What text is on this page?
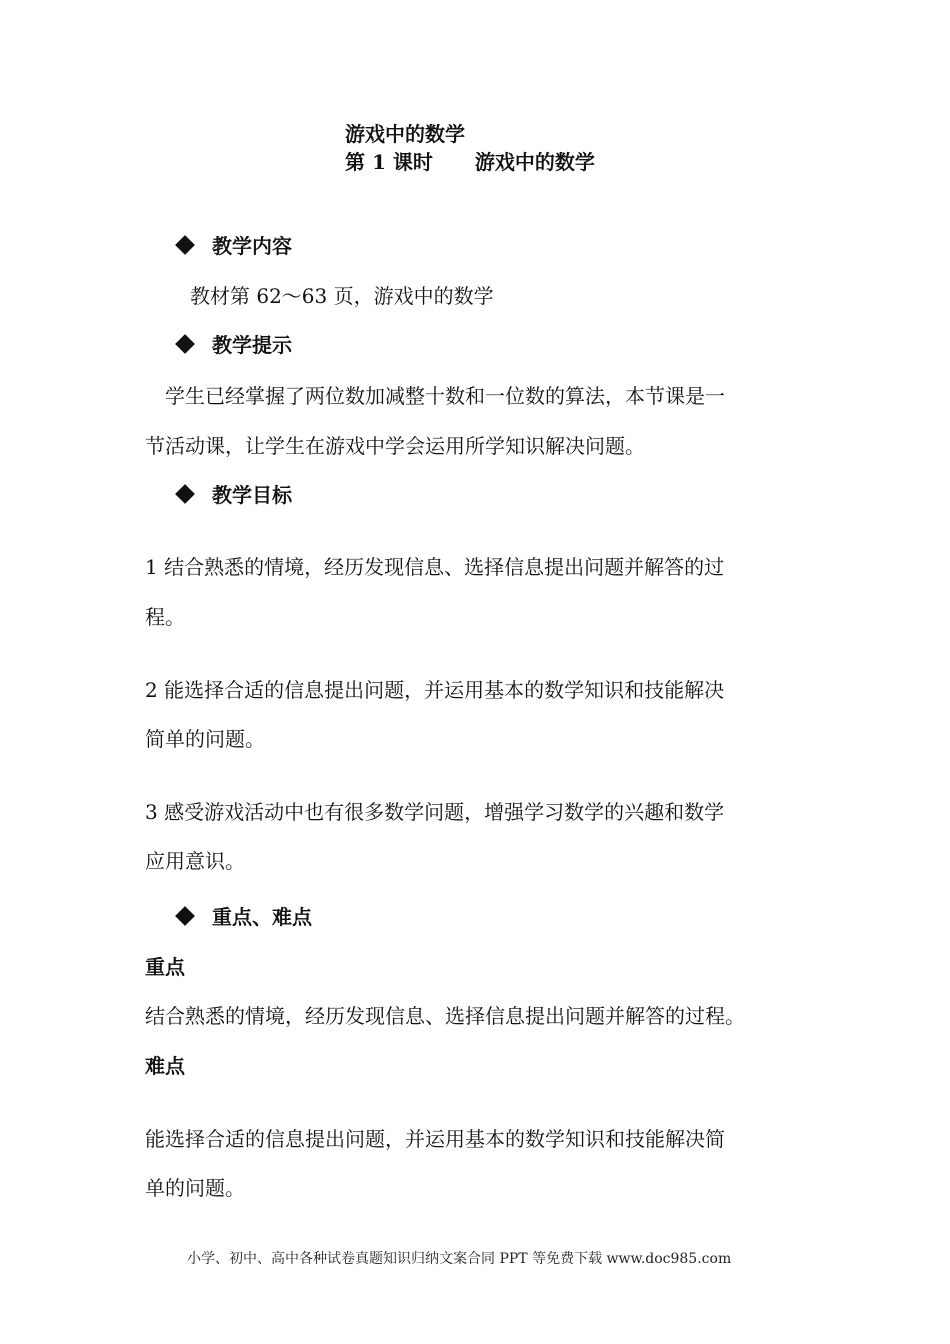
游戏中的数学
第 1 课时 游戏中的数学
教学内容
教材第 62～63 页，游戏中的数学
教学提示
学生已经掌握了两位数加减整十数和一位数的算法，本节课是一
节活动课，让学生在游戏中学会运用所学知识解决问题。
教学目标
1 结合熟悉的情境，经历发现信息、选择信息提出问题并解答的过
程。
2 能选择合适的信息提出问题，并运用基本的数学知识和技能解决
简单的问题。
3 感受游戏活动中也有很多数学问题，增强学习数学的兴趣和数学
应用意识。
重点、难点
重点
结合熟悉的情境，经历发现信息、选择信息提出问题并解答的过程。
难点
能选择合适的信息提出问题，并运用基本的数学知识和技能解决简
单的问题。
小学、初中、高中各种试卷真题知识归纳文案合同 PPT 等免费下载 www.doc985.com
